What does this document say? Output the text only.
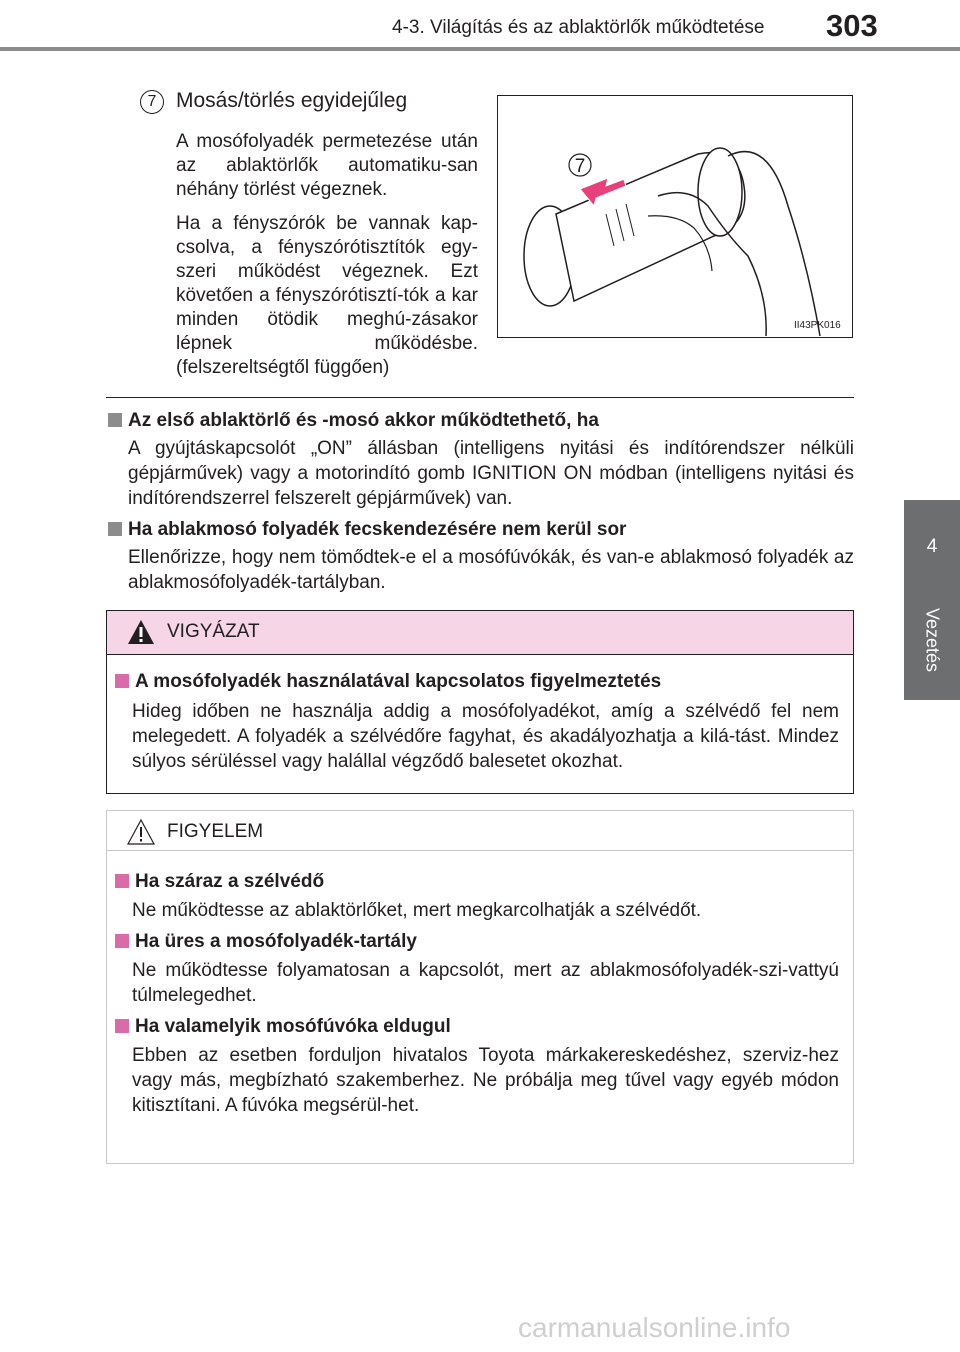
4-3. Világítás és az ablaktörlők működtetése 303
4
Vezetés
7 Mosás/törlés egyidejűleg
A mosófolyadék permetezése után az ablaktörlők automatiku-san néhány törlést végeznek.
Ha a fényszórók be vannak kap-csolva, a fényszórótisztítók egy-szeri működést végeznek. Ezt követően a fényszórótisztí-tók a kar minden ötödik meghú-zásakor lépnek működésbe. (felszereltségtől függően)
7
II43PK016
Az első ablaktörlő és -mosó akkor működtethető, ha
A gyújtáskapcsolót „ON” állásban (intelligens nyitási és indítórendszer nélküli gépjárművek) vagy a motorindító gomb IGNITION ON módban (intelligens nyitási és indítórendszerrel felszerelt gépjárművek) van.
Ha ablakmosó folyadék fecskendezésére nem kerül sor
Ellenőrizze, hogy nem tömődtek-e el a mosófúvókák, és van-e ablakmosó folyadék az ablakmosófolyadék-tartályban.
VIGYÁZAT
A mosófolyadék használatával kapcsolatos figyelmeztetés
Hideg időben ne használja addig a mosófolyadékot, amíg a szélvédő fel nem melegedett. A folyadék a szélvédőre fagyhat, és akadályozhatja a kilá-tást. Mindez súlyos sérüléssel vagy halállal végződő balesetet okozhat.
FIGYELEM
Ha száraz a szélvédő
Ne működtesse az ablaktörlőket, mert megkarcolhatják a szélvédőt.
Ha üres a mosófolyadék-tartály
Ne működtesse folyamatosan a kapcsolót, mert az ablakmosófolyadék-szi-vattyú túlmelegedhet.
Ha valamelyik mosófúvóka eldugul
Ebben az esetben forduljon hivatalos Toyota márkakereskedéshez, szerviz-hez vagy más, megbízható szakemberhez. Ne próbálja meg tűvel vagy egyéb módon kitisztítani. A fúvóka megsérül-het.
carmanualsonline.info
